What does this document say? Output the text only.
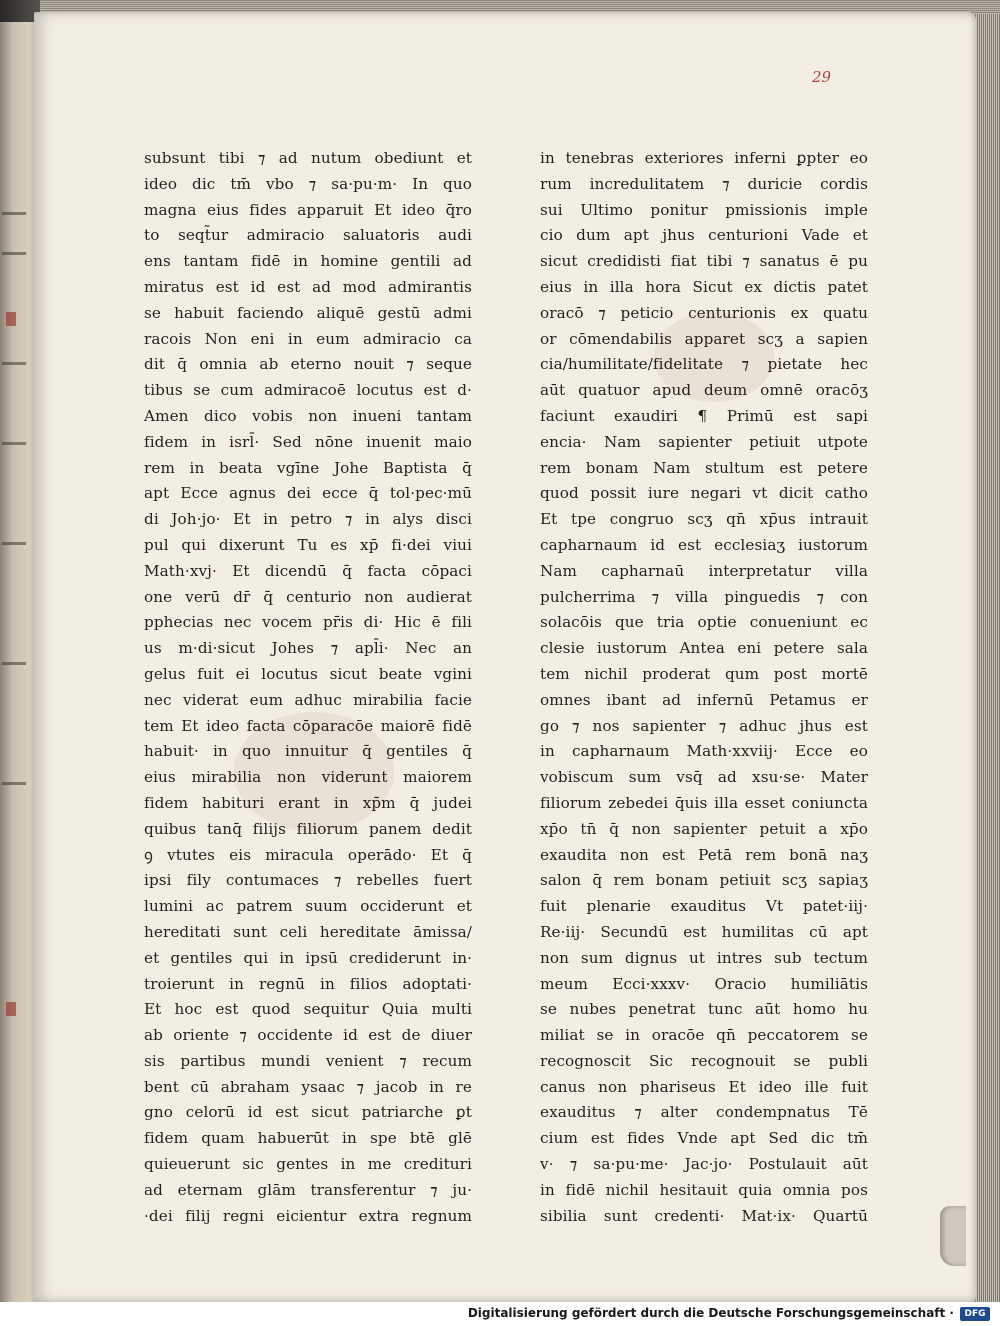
29
subsunt tibi ⁊ ad nutum obediunt et
ideo dic tm̄ vbo ⁊ sa·pu·m· In quo
magna eius fides apparuit Et ideo q̄ro
to seqt̃ur admiracio saluatoris audi
ens tantam fidē in homine gentili ad
miratus est id est ad mod admirantis
se habuit faciendo aliquē gestū admi
racois Non eni in eum admiracio ca
dit q̄ omnia ab eterno nouit ⁊ seque
tibus se cum admiracoē locutus est d·
Amen dico vobis non inueni tantam
fidem in isrl̄· Sed nōne inuenit maio
rem in beata vgīne Johe Baptista q̄
apt Ecce agnus dei ecce q̄ tol·pec·mū
di Joh·jo· Et in petro ⁊ in alys disci
pul qui dixerunt Tu es xp̄ fi·dei viui
Math·xvj· Et dicendū q̄ facta cōpaci
one verū dr̄ q̄ centurio non audierat
pphecias nec vocem pr̄is di· Hic ē fili
us m·di·sicut Johes ⁊ apl̄i· Nec an
gelus fuit ei locutus sicut beate vgini
nec viderat eum adhuc mirabilia facie
tem Et ideo facta cōparacōe maiorē fidē
habuit· in quo innuitur q̄ gentiles q̄
eius mirabilia non viderunt maiorem
fidem habituri erant in xp̄m q̄ judei
quibus tanq̄ filijs filiorum panem dedit
ꝯ vtutes eis miracula operādo· Et q̄
ipsi fily contumaces ⁊ rebelles fuert
lumini ac patrem suum occiderunt et
hereditati sunt celi hereditate āmissa/
et gentiles qui in ipsū crediderunt in·
troierunt in regnū in filios adoptati·
Et hoc est quod sequitur Quia multi
ab oriente ⁊ occidente id est de diuer
sis partibus mundi venient ⁊ recum
bent cū abraham ysaac ⁊ jacob in re
gno celorū id est sicut patriarche ꝑt
fidem quam habuerūt in spe btē glē
quieuerunt sic gentes in me credituri
ad eternam glām transferentur ⁊ ju·
·dei filij regni eicientur extra regnum
in tenebras exteriores inferni ꝑpter eo
rum incredulitatem ⁊ duricie cordis
sui Ultimo ponitur pmissionis imple
cio dum apt jhus centurioni Vade et
sicut credidisti fiat tibi ⁊ sanatus ē pu
eius in illa hora Sicut ex dictis patet
oracō ⁊ peticio centurionis ex quatu
or cōmendabilis apparet scʒ a sapien
cia/humilitate/fidelitate ⁊ pietate hec
aūt quatuor apud deum omnē oracōʒ
faciunt exaudiri ¶ Primū est sapi
encia· Nam sapienter petiuit utpote
rem bonam Nam stultum est petere
quod possit iure negari vt dicit catho
Et tpe congruo scʒ qn̄ xp̄us intrauit
capharnaum id est ecclesiaʒ iustorum
Nam capharnaū interpretatur villa
pulcherrima ⁊ villa pinguedis ⁊ con
solacōis que tria optie conueniunt ec
clesie iustorum Antea eni petere sala
tem nichil proderat qum post mortē
omnes ibant ad infernū Petamus er
go ⁊ nos sapienter ⁊ adhuc jhus est
in capharnaum Math·xxviij· Ecce eo
vobiscum sum vsq̄ ad xsu·se· Mater
filiorum zebedei q̄uis illa esset coniuncta
xp̄o tn̄ q̄ non sapienter petuit a xp̄o
exaudita non est Petā rem bonā naʒ
salon q̄ rem bonam petiuit scʒ sapiaʒ
fuit plenarie exauditus Vt patet·iij·
Re·iij· Secundū est humilitas cū apt
non sum dignus ut intres sub tectum
meum Ecci·xxxv· Oracio humiliātis
se nubes penetrat tunc aūt homo hu
miliat se in oracōe qn̄ peccatorem se
recognoscit Sic recognouit se publi
canus non phariseus Et ideo ille fuit
exauditus ⁊ alter condempnatus Tē
cium est fides Vnde apt Sed dic tm̄
v· ⁊ sa·pu·me· Jac·jo· Postulauit aūt
in fidē nichil hesitauit quia omnia pos
sibilia sunt credenti· Mat·ix· Quartū
Digitalisierung gefördert durch die Deutsche Forschungsgemeinschaft ·	DFG
